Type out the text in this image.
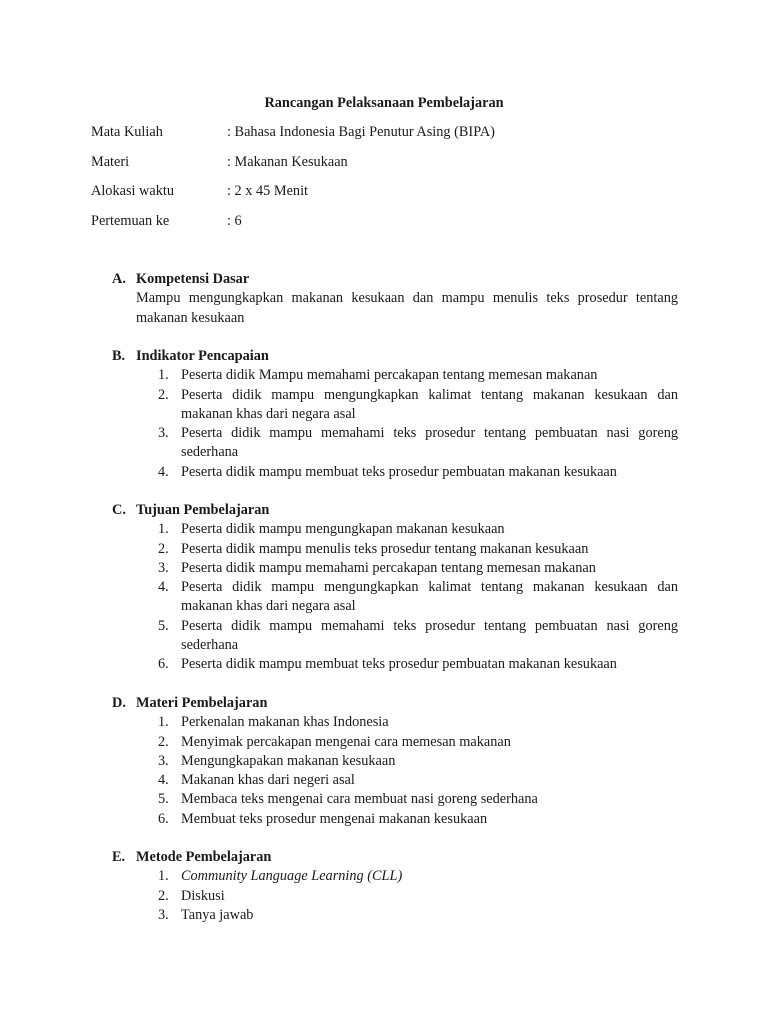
Rancangan Pelaksanaan Pembelajaran
Mata Kuliah	: Bahasa Indonesia Bagi Penutur Asing (BIPA)
Materi	: Makanan Kesukaan
Alokasi waktu	: 2 x 45 Menit
Pertemuan ke	: 6
A. Kompetensi Dasar
Mampu mengungkapkan makanan kesukaan dan mampu menulis teks prosedur tentang makanan kesukaan
B. Indikator Pencapaian
1. Peserta didik Mampu memahami percakapan tentang memesan makanan
2. Peserta didik mampu mengungkapkan kalimat tentang makanan kesukaan dan makanan khas dari negara asal
3. Peserta didik mampu memahami teks prosedur tentang pembuatan nasi goreng sederhana
4. Peserta didik mampu membuat teks prosedur pembuatan makanan kesukaan
C. Tujuan Pembelajaran
1. Peserta didik mampu mengungkapan makanan kesukaan
2. Peserta didik mampu menulis teks prosedur tentang makanan kesukaan
3. Peserta didik mampu memahami percakapan tentang memesan makanan
4. Peserta didik mampu mengungkapkan kalimat tentang makanan kesukaan dan makanan khas dari negara asal
5. Peserta didik mampu memahami teks prosedur tentang pembuatan nasi goreng sederhana
6. Peserta didik mampu membuat teks prosedur pembuatan makanan kesukaan
D. Materi Pembelajaran
1. Perkenalan makanan khas Indonesia
2. Menyimak percakapan mengenai cara memesan makanan
3. Mengungkapakan makanan kesukaan
4. Makanan khas dari negeri asal
5. Membaca teks mengenai cara membuat nasi goreng sederhana
6. Membuat teks prosedur mengenai makanan kesukaan
E. Metode Pembelajaran
1. Community Language Learning (CLL)
2. Diskusi
3. Tanya jawab
